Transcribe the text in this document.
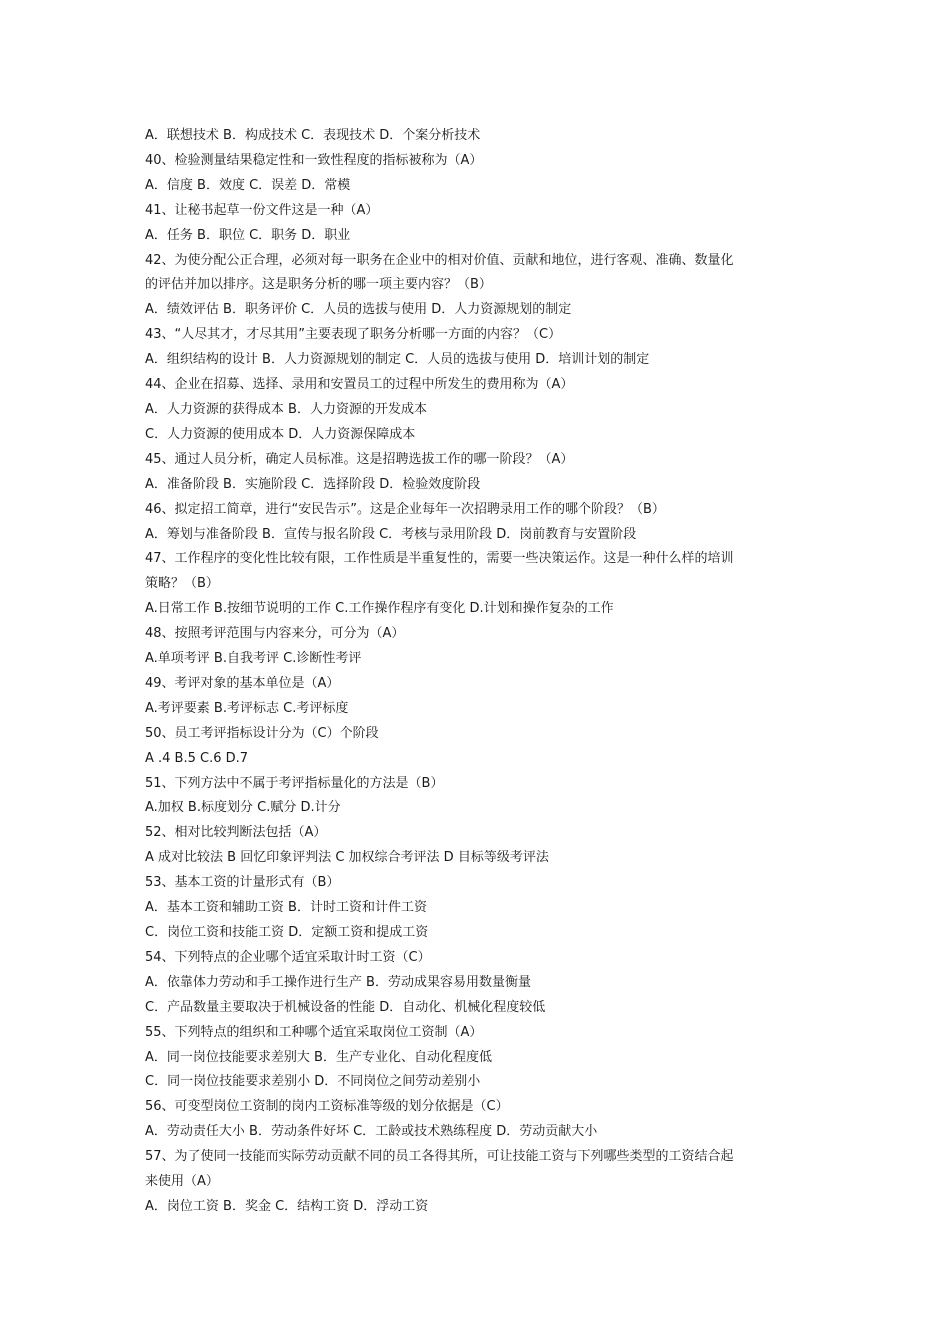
A．联想技术 B．构成技术 C．表现技术 D．个案分析技术

40、检验测量结果稳定性和一致性程度的指标被称为（A）

A．信度 B．效度 C．误差 D．常模

41、让秘书起草一份文件这是一种（A）

A．任务 B．职位 C．职务 D．职业

42、为使分配公正合理，必须对每一职务在企业中的相对价值、贡献和地位，进行客观、准确、数量化

的评估并加以排序。这是职务分析的哪一项主要内容？（B）

A．绩效评估 B．职务评价 C．人员的选拔与使用 D．人力资源规划的制定

43、“人尽其才，才尽其用”主要表现了职务分析哪一方面的内容？（C）

A．组织结构的设计 B．人力资源规划的制定 C．人员的选拔与使用 D．培训计划的制定

44、企业在招募、选择、录用和安置员工的过程中所发生的费用称为（A）

A．人力资源的获得成本 B．人力资源的开发成本

C．人力资源的使用成本 D．人力资源保障成本

45、通过人员分析，确定人员标准。这是招聘选拔工作的哪一阶段？（A）

A．准备阶段 B．实施阶段 C．选择阶段 D．检验效度阶段

46、拟定招工简章，进行“安民告示”。这是企业每年一次招聘录用工作的哪个阶段？（B）

A．筹划与准备阶段 B．宣传与报名阶段 C．考核与录用阶段 D．岗前教育与安置阶段

47、工作程序的变化性比较有限，工作性质是半重复性的，需要一些决策运作。这是一种什么样的培训

策略？（B）

A.日常工作 B.按细节说明的工作 C.工作操作程序有变化 D.计划和操作复杂的工作

48、按照考评范围与内容来分，可分为（A）

A.单项考评 B.自我考评 C.诊断性考评

49、考评对象的基本单位是（A）

A.考评要素 B.考评标志 C.考评标度

50、员工考评指标设计分为（C）个阶段

A .4 B.5 C.6 D.7

51、下列方法中不属于考评指标量化的方法是（B）

A.加权 B.标度划分 C.赋分 D.计分

52、相对比较判断法包括（A）

A 成对比较法 B 回忆印象评判法 C 加权综合考评法 D 目标等级考评法

53、基本工资的计量形式有（B）

A．基本工资和辅助工资 B．计时工资和计件工资

C．岗位工资和技能工资 D．定额工资和提成工资

54、下列特点的企业哪个适宜采取计时工资（C）

A．依靠体力劳动和手工操作进行生产 B．劳动成果容易用数量衡量

C．产品数量主要取决于机械设备的性能 D．自动化、机械化程度较低

55、下列特点的组织和工种哪个适宜采取岗位工资制（A）

A．同一岗位技能要求差别大 B．生产专业化、自动化程度低

C．同一岗位技能要求差别小 D．不同岗位之间劳动差别小

56、可变型岗位工资制的岗内工资标准等级的划分依据是（C）

A．劳动责任大小 B．劳动条件好坏 C．工龄或技术熟练程度 D．劳动贡献大小

57、为了使同一技能而实际劳动贡献不同的员工各得其所，可让技能工资与下列哪些类型的工资结合起

来使用（A）

A．岗位工资 B．奖金 C．结构工资 D．浮动工资
